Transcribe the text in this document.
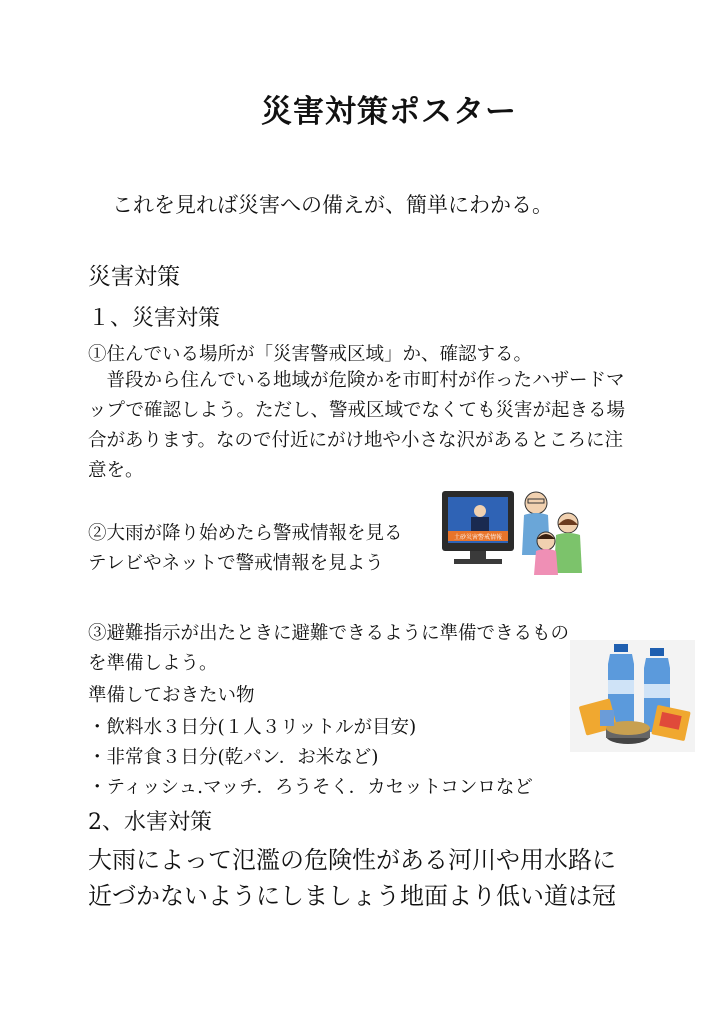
災害対策ポスター
これを見れば災害への備えが、簡単にわかる。
災害対策
１、災害対策
①住んでいる場所が「災害警戒区域」か、確認する。
　普段から住んでいる地域が危険かを市町村が作ったハザードマップで確認しよう。ただし、警戒区域でなくても災害が起きる場合があります。なので付近にがけ地や小さな沢があるところに注意を。
②大雨が降り始めたら警戒情報を見る
テレビやネットで警戒情報を見よう
土砂災害警戒情報
③避難指示が出たときに避難できるように準備できるもの
を準備しよう。
準備しておきたい物
・飲料水３日分(１人３リットルが目安)
・非常食３日分(乾パン．お米など)
・ティッシュ.マッチ．ろうそく．カセットコンロなど
2、水害対策
大雨によって氾濫の危険性がある河川や用水路に近づかないようにしましょう地面より低い道は冠
